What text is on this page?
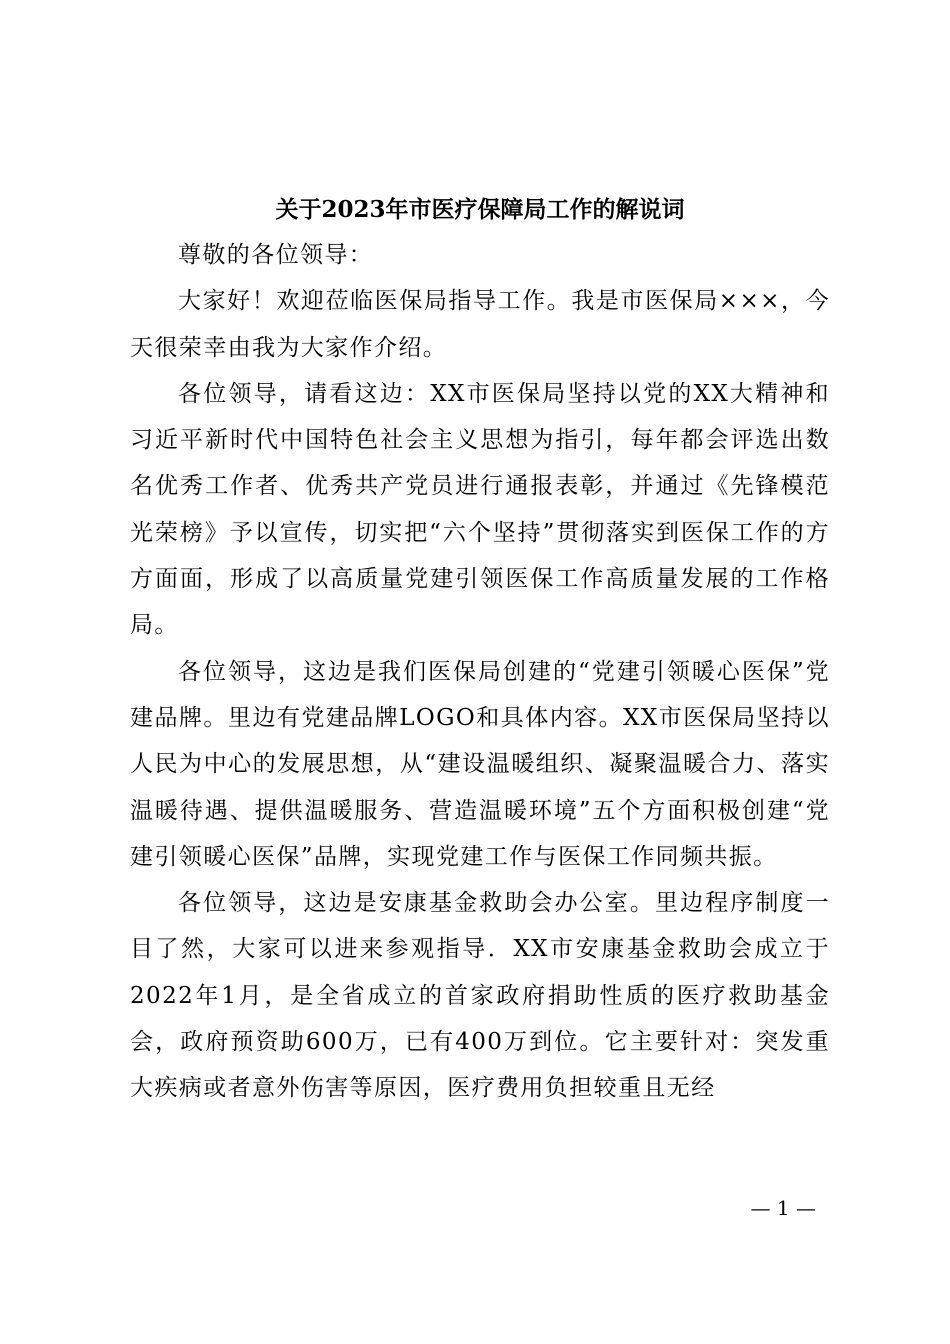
关于2023年市医疗保障局工作的解说词

尊敬的各位领导：

大家好！欢迎莅临医保局指导工作。我是市医保局×××，今天很荣幸由我为大家作介绍。

各位领导，请看这边：XX市医保局坚持以党的XX大精神和习近平新时代中国特色社会主义思想为指引，每年都会评选出数名优秀工作者、优秀共产党员进行通报表彰，并通过《先锋模范光荣榜》予以宣传，切实把“六个坚持”贯彻落实到医保工作的方方面面，形成了以高质量党建引领医保工作高质量发展的工作格局。

各位领导，这边是我们医保局创建的“党建引领暖心医保”党建品牌。里边有党建品牌LOGO和具体内容。XX市医保局坚持以人民为中心的发展思想，从“建设温暖组织、凝聚温暖合力、落实温暖待遇、提供温暖服务、营造温暖环境”五个方面积极创建“党建引领暖心医保”品牌，实现党建工作与医保工作同频共振。

各位领导，这边是安康基金救助会办公室。里边程序制度一目了然，大家可以进来参观指导．XX市安康基金救助会成立于2022年1月，是全省成立的首家政府捐助性质的医疗救助基金会，政府预资助600万，已有400万到位。它主要针对：突发重大疾病或者意外伤害等原因，医疗费用负担较重且无经

— 1 —
